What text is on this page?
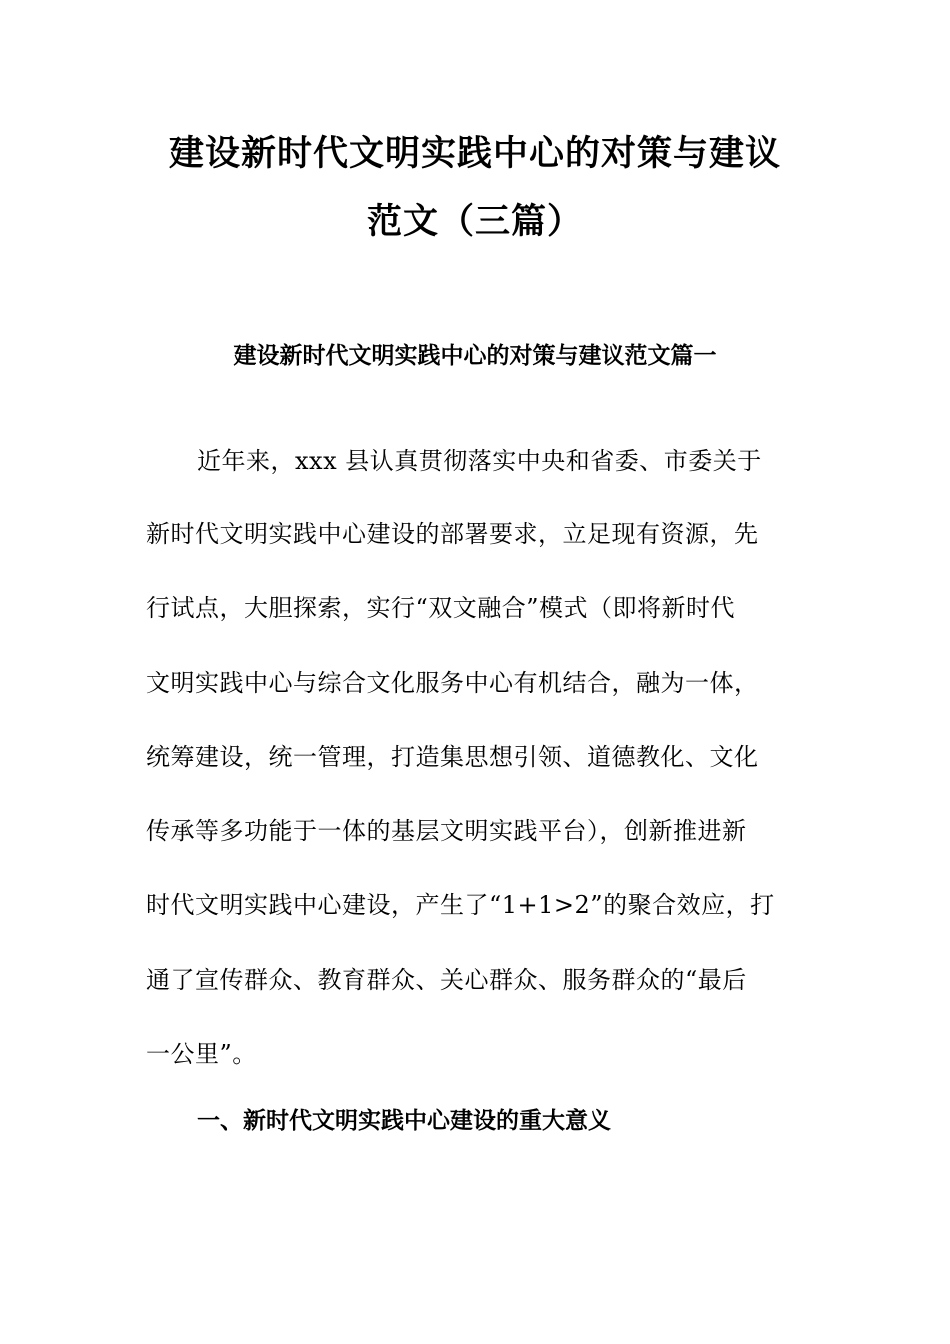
建设新时代文明实践中心的对策与建议
范文（三篇）
建设新时代文明实践中心的对策与建议范文篇一

近年来，xxx 县认真贯彻落实中央和省委、市委关于

新时代文明实践中心建设的部署要求，立足现有资源，先

行试点，大胆探索，实行“双文融合”模式（即将新时代

文明实践中心与综合文化服务中心有机结合，融为一体，

统筹建设，统一管理，打造集思想引领、道德教化、文化

传承等多功能于一体的基层文明实践平台），创新推进新

时代文明实践中心建设，产生了“1+1>2”的聚合效应，打

通了宣传群众、教育群众、关心群众、服务群众的“最后

一公里”。

一、新时代文明实践中心建设的重大意义
